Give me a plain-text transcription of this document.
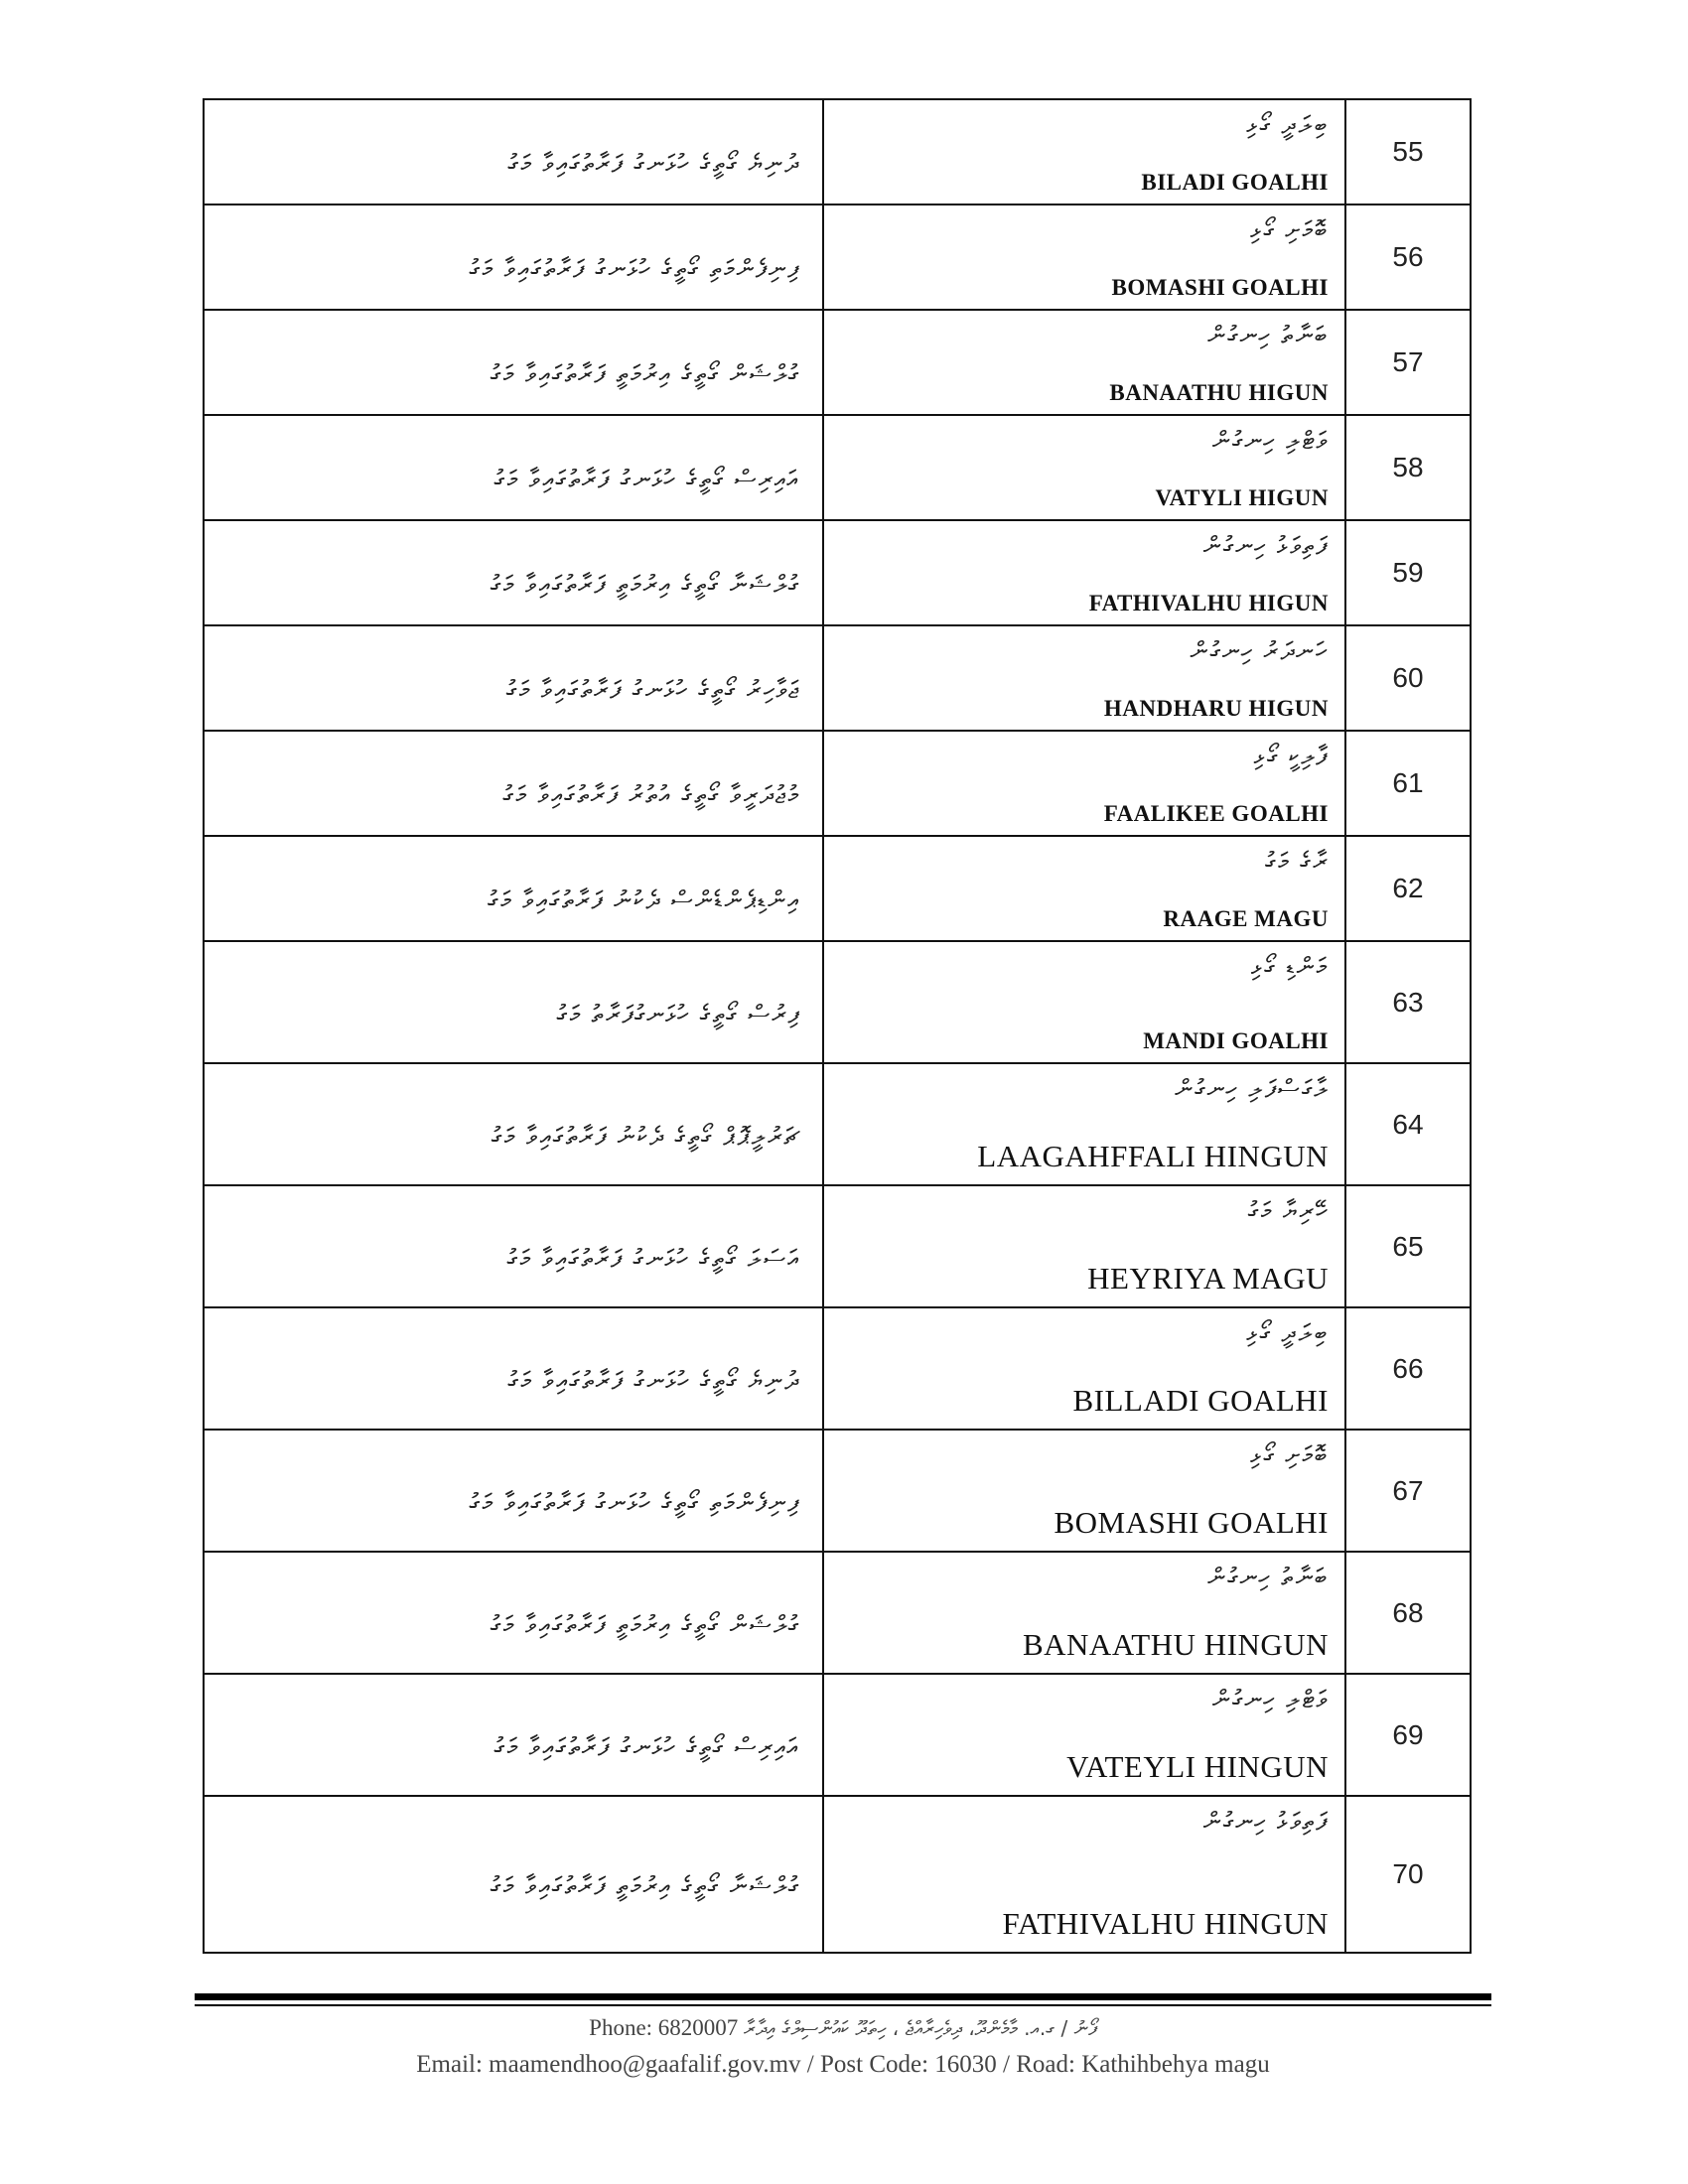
ދުނިޔެ ގޯތީގެ ހުޅަނގު ފަރާތުގައިވާ މަގު	ބިލަދީ ގޯޅި
BILADI GOALHI	55

ފިނިފެންމަތި ގޯތީގެ ހުޅަނގު ފަރާތުގައިވާ މަގު	ބޮމަށި ގޯޅި
BOMASHI GOALHI	56

ގުލްޝަން ގޯތީގެ އިރުމަތީ ފަރާތުގައިވާ މަގު	ބަނާތު ހިނގުން
BANAATHU HIGUN	57

އައިރިސް ގޯތީގެ ހުޅަނގު ފަރާތުގައިވާ މަގު	ވަޓްލި ހިނގުން
VATYLI HIGUN	58

ގުލްޝަނާ ގޯތީގެ އިރުމަތީ ފަރާތުގައިވާ މަގު	ފަތިވަޅު ހިނގުން
FATHIVALHU HIGUN	59

ޖަވާހިރު ގޯތީގެ ހުޅަނގު ފަރާތުގައިވާ މަގު	ހަނދަރު ހިނގުން
HANDHARU HIGUN	60

މުޖުދަރީވާ ގޯތީގެ އުތުރު ފަރާތުގައިވާ މަގު	ފާލިކީ ގޯޅި
FAALIKEE GOALHI	61

އިންޑިޕެންޑެންސް ދެކުނު ފަރާތުގައިވާ މަގު	ރާގެ މަގު
RAAGE MAGU	62

ފިރުސް ގޯތީގެ ހުޅަނގުފަރާތު މަގު	މަންޑި ގޯޅި
MANDI GOALHI	63

ޗަރުލީޕޮޕް ގޯތީގެ ދެކުނު ފަރާތުގައިވާ މަގު	ލާގަސްފަލި ހިނގުން
LAAGAHFFALI HINGUN	64

އަސަލަ ގޯތީގެ ހުޅަނގު ފަރާތުގައިވާ މަގު	ހޭރިޔާ މަގު
HEYRIYA MAGU	65

ދުނިޔެ ގޯތީގެ ހުޅަނގު ފަރާތުގައިވާ މަގު	ބިލަދީ ގޯޅި
BILLADI GOALHI	66

ފިނިފެންމަތި ގޯތީގެ ހުޅަނގު ފަރާތުގައިވާ މަގު	ބޮމަށި ގޯޅި
BOMASHI GOALHI	67

ގުލްޝަން ގޯތީގެ އިރުމަތީ ފަރާތުގައިވާ މަގު	ބަނާތު ހިނގުން
BANAATHU HINGUN	68

އައިރިސް ގޯތީގެ ހުޅަނގު ފަރާތުގައިވާ މަގު	ވަޓްލި ހިނގުން
VATEYLI HINGUN	69

ގުލްޝަނާ ގޯތީގެ އިރުމަތީ ފަރާތުގައިވާ މަގު	ފަތިވަޅު ހިނގުން
FATHIVALHU HINGUN	70
Phone: 6820007 ފޯނު / ގ.އ. މާމެންދޫ، ދިވެހިރާއްޖެ ، ހިތަދޫ ކައުންސިލްގެ އިދާރާ
Email: maamendhoo@gaafalif.gov.mv / Post Code: 16030 / Road: Kathihbehya magu
